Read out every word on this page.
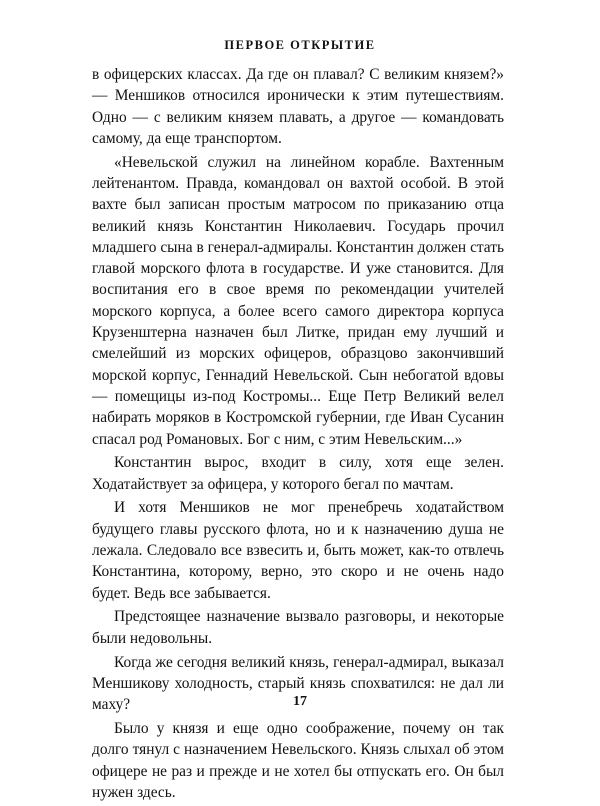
ПЕРВОЕ ОТКРЫТИЕ

в офицерских классах. Да где он плавал? С великим князем?» — Меншиков относился иронически к этим путешествиям. Одно — с великим князем плавать, а другое — командовать самому, да еще транспортом.

«Невельской служил на линейном корабле. Вахтенным лейтенантом. Правда, командовал он вахтой особой. В этой вахте был записан простым матросом по приказанию отца великий князь Константин Николаевич. Государь прочил младшего сына в генерал-адмиралы. Константин должен стать главой морского флота в государстве. И уже становится. Для воспитания его в свое время по рекомендации учителей морского корпуса, а более всего самого директора корпуса Крузенштерна назначен был Литке, придан ему лучший и смелейший из морских офицеров, образцово закончивший морской корпус, Геннадий Невельской. Сын небогатой вдовы — помещицы из-под Костромы... Еще Петр Великий велел набирать моряков в Костромской губернии, где Иван Сусанин спасал род Романовых. Бог с ним, с этим Невельским...»

Константин вырос, входит в силу, хотя еще зелен. Ходатайствует за офицера, у которого бегал по мачтам.

И хотя Меншиков не мог пренебречь ходатайством будущего главы русского флота, но и к назначению душа не лежала. Следовало все взвесить и, быть может, как-то отвлечь Константина, которому, верно, это скоро и не очень надо будет. Ведь все забывается.

Предстоящее назначение вызвало разговоры, и некоторые были недовольны.

Когда же сегодня великий князь, генерал-адмирал, выказал Меншикову холодность, старый князь спохватился: не дал ли маху?

Было у князя и еще одно соображение, почему он так долго тянул с назначением Невельского. Князь слыхал об этом офицере не раз и прежде и не хотел бы отпускать его. Он был нужен здесь.

17
